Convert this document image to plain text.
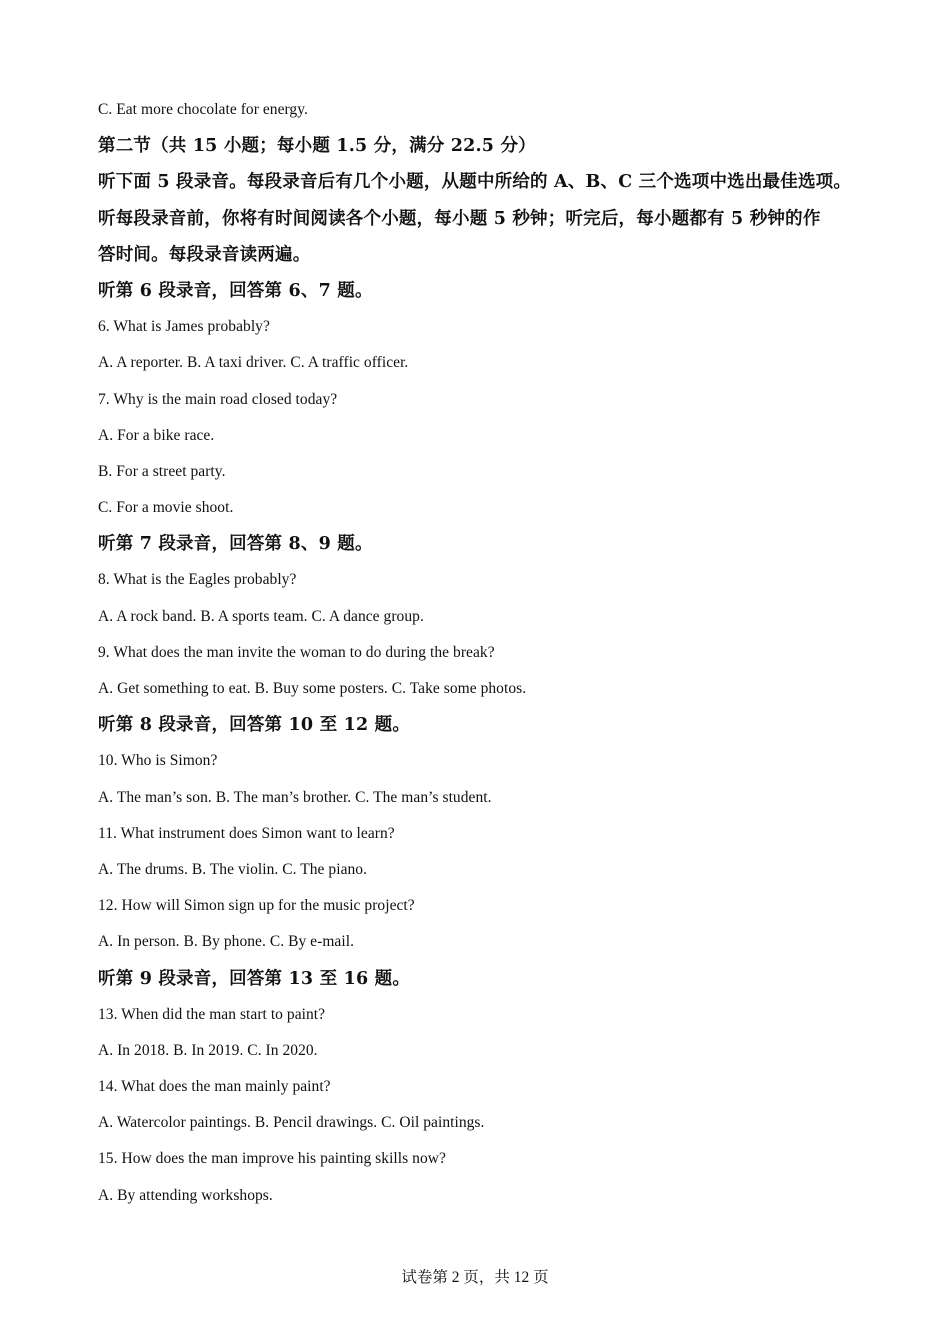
C. Eat more chocolate for energy.
第二节（共 15 小题；每小题 1.5 分，满分 22.5 分）
听下面 5 段录音。每段录音后有几个小题，从题中所给的 A、B、C 三个选项中选出最佳选项。
听每段录音前，你将有时间阅读各个小题，每小题 5 秒钟；听完后，每小题都有 5 秒钟的作
答时间。每段录音读两遍。
听第 6 段录音，回答第 6、7 题。
6. What is James probably?
A. A reporter. B. A taxi driver. C. A traffic officer.
7. Why is the main road closed today?
A. For a bike race.
B. For a street party.
C. For a movie shoot.
听第 7 段录音，回答第 8、9 题。
8. What is the Eagles probably?
A. A rock band. B. A sports team. C. A dance group.
9. What does the man invite the woman to do during the break?
A. Get something to eat. B. Buy some posters. C. Take some photos.
听第 8 段录音，回答第 10 至 12 题。
10. Who is Simon?
A. The man’s son. B. The man’s brother. C. The man’s student.
11. What instrument does Simon want to learn?
A. The drums. B. The violin. C. The piano.
12. How will Simon sign up for the music project?
A. In person. B. By phone. C. By e-mail.
听第 9 段录音，回答第 13 至 16 题。
13. When did the man start to paint?
A. In 2018. B. In 2019. C. In 2020.
14. What does the man mainly paint?
A. Watercolor paintings. B. Pencil drawings. C. Oil paintings.
15. How does the man improve his painting skills now?
A. By attending workshops.
试卷第 2 页，共 12 页
